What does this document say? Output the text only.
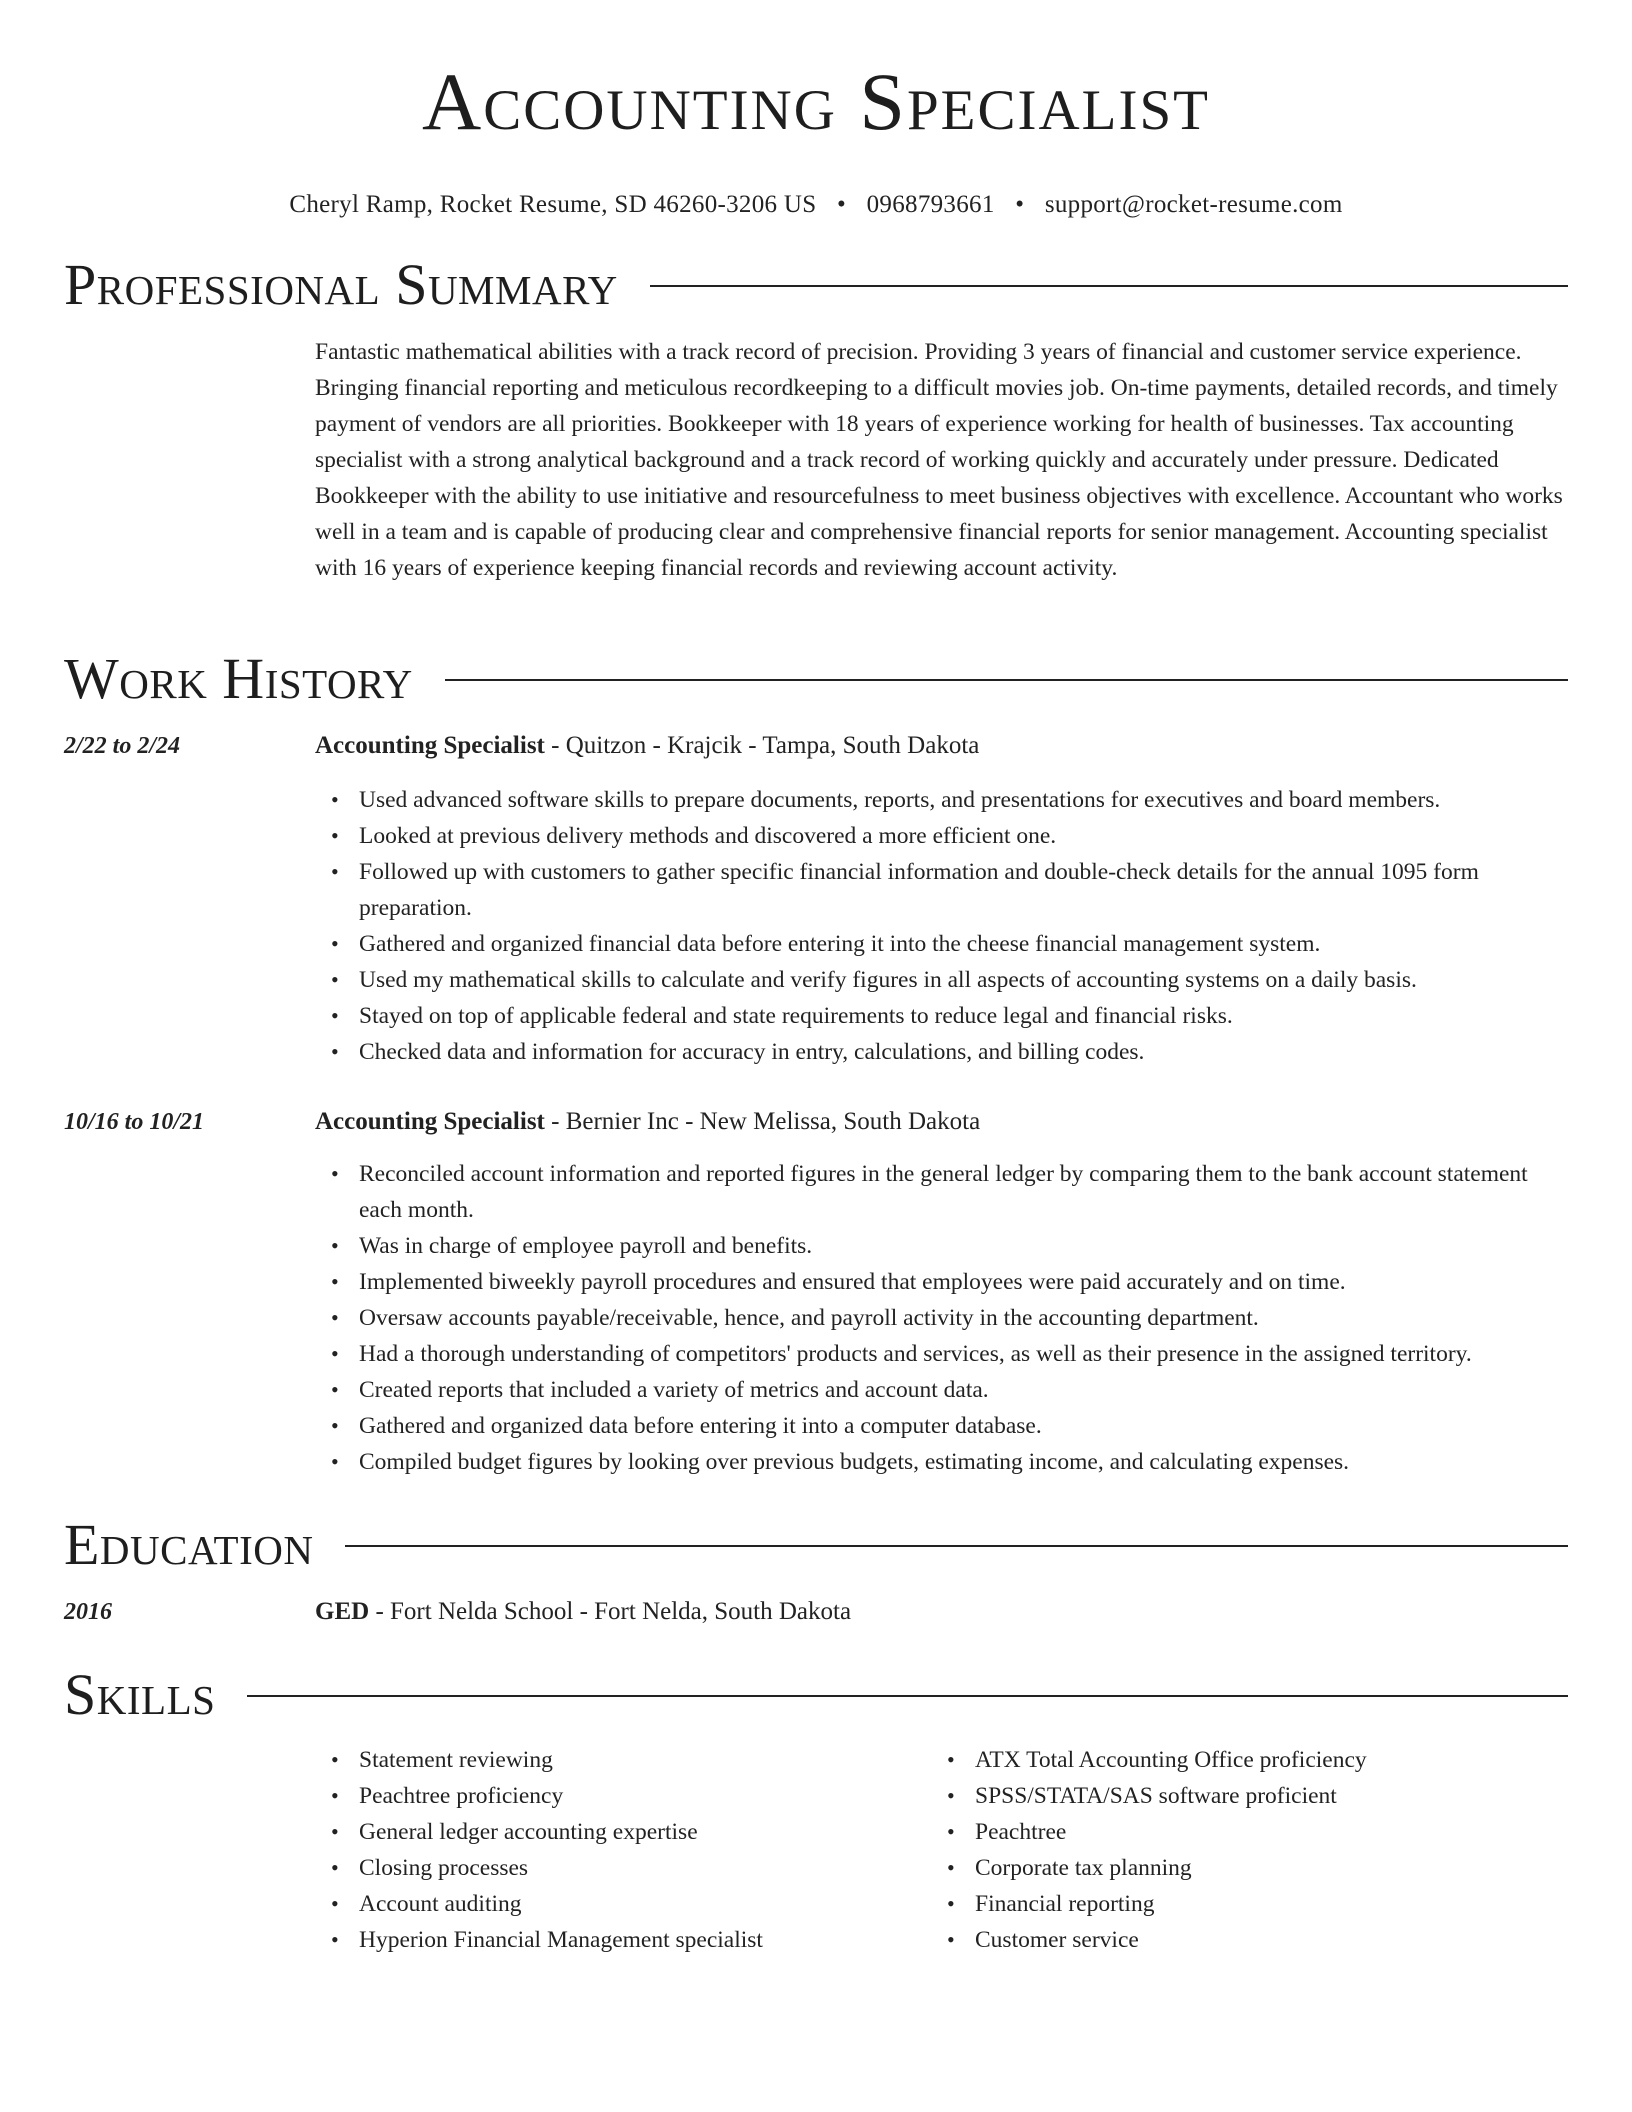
Accounting Specialist
Cheryl Ramp, Rocket Resume, SD 46260-3206 US • 0968793661 • support@rocket-resume.com
Professional Summary

Fantastic mathematical abilities with a track record of precision. Providing 3 years of financial and customer service experience. Bringing financial reporting and meticulous recordkeeping to a difficult movies job. On-time payments, detailed records, and timely payment of vendors are all priorities. Bookkeeper with 18 years of experience working for health of businesses. Tax accounting specialist with a strong analytical background and a track record of working quickly and accurately under pressure. Dedicated Bookkeeper with the ability to use initiative and resourcefulness to meet business objectives with excellence. Accountant who works well in a team and is capable of producing clear and comprehensive financial reports for senior management. Accounting specialist with 16 years of experience keeping financial records and reviewing account activity.

Work History
2/22 to 2/24	Accounting Specialist - Quitzon - Krajcik - Tampa, South Dakota
• Used advanced software skills to prepare documents, reports, and presentations for executives and board members.
• Looked at previous delivery methods and discovered a more efficient one.
• Followed up with customers to gather specific financial information and double-check details for the annual 1095 form preparation.
• Gathered and organized financial data before entering it into the cheese financial management system.
• Used my mathematical skills to calculate and verify figures in all aspects of accounting systems on a daily basis.
• Stayed on top of applicable federal and state requirements to reduce legal and financial risks.
• Checked data and information for accuracy in entry, calculations, and billing codes.
10/16 to 10/21	Accounting Specialist - Bernier Inc - New Melissa, South Dakota
• Reconciled account information and reported figures in the general ledger by comparing them to the bank account statement each month.
• Was in charge of employee payroll and benefits.
• Implemented biweekly payroll procedures and ensured that employees were paid accurately and on time.
• Oversaw accounts payable/receivable, hence, and payroll activity in the accounting department.
• Had a thorough understanding of competitors' products and services, as well as their presence in the assigned territory.
• Created reports that included a variety of metrics and account data.
• Gathered and organized data before entering it into a computer database.
• Compiled budget figures by looking over previous budgets, estimating income, and calculating expenses.
Education
2016	GED - Fort Nelda School - Fort Nelda, South Dakota
Skills
• Statement reviewing
• Peachtree proficiency
• General ledger accounting expertise
• Closing processes
• Account auditing
• Hyperion Financial Management specialist
• ATX Total Accounting Office proficiency
• SPSS/STATA/SAS software proficient
• Peachtree
• Corporate tax planning
• Financial reporting
• Customer service
